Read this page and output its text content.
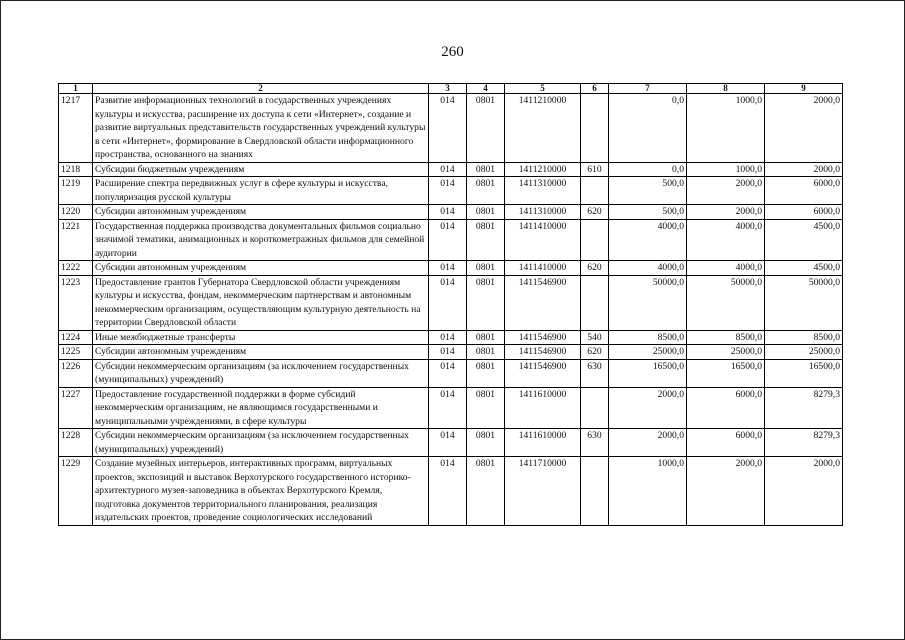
260
1	2	3	4	5	6	7	8	9
1217	Развитие информационных технологий в государственных учреждениях культуры и искусства, расширение их доступа к сети «Интернет», создание и развитие виртуальных представительств государственных учреждений культуры в сети «Интернет», формирование в Свердловской области информационного пространства, основанного на знаниях	014	0801	1411210000		0,0	1000,0	2000,0
1218	Субсидии бюджетным учреждениям	014	0801	1411210000	610	0,0	1000,0	2000,0
1219	Расширение спектра передвижных услуг в сфере культуры и искусства, популяризация русской культуры	014	0801	1411310000		500,0	2000,0	6000,0
1220	Субсидии автономным учреждениям	014	0801	1411310000	620	500,0	2000,0	6000,0
1221	Государственная поддержка производства документальных фильмов социально значимой тематики, анимационных и короткометражных фильмов для семейной аудитории	014	0801	1411410000		4000,0	4000,0	4500,0
1222	Субсидии автономным учреждениям	014	0801	1411410000	620	4000,0	4000,0	4500,0
1223	Предоставление грантов Губернатора Свердловской области учреждениям культуры и искусства, фондам, некоммерческим партнерствам и автономным некоммерческим организациям, осуществляющим культурную деятельность на территории Свердловской области	014	0801	1411546900		50000,0	50000,0	50000,0
1224	Иные межбюджетные трансферты	014	0801	1411546900	540	8500,0	8500,0	8500,0
1225	Субсидии автономным учреждениям	014	0801	1411546900	620	25000,0	25000,0	25000,0
1226	Субсидии некоммерческим организациям (за исключением государственных (муниципальных) учреждений)	014	0801	1411546900	630	16500,0	16500,0	16500,0
1227	Предоставление государственной поддержки в форме субсидий некоммерческим организациям, не являющимся государственными и муниципальными учреждениями, в сфере культуры	014	0801	1411610000		2000,0	6000,0	8279,3
1228	Субсидии некоммерческим организациям (за исключением государственных (муниципальных) учреждений)	014	0801	1411610000	630	2000,0	6000,0	8279,3
1229	Создание музейных интерьеров, интерактивных программ, виртуальных проектов, экспозиций и выставок Верхотурского государственного историко-архитектурного музея-заповедника в объектах Верхотурского Кремля, подготовка документов территориального планирования, реализация издательских проектов, проведение социологических исследований	014	0801	1411710000		1000,0	2000,0	2000,0
